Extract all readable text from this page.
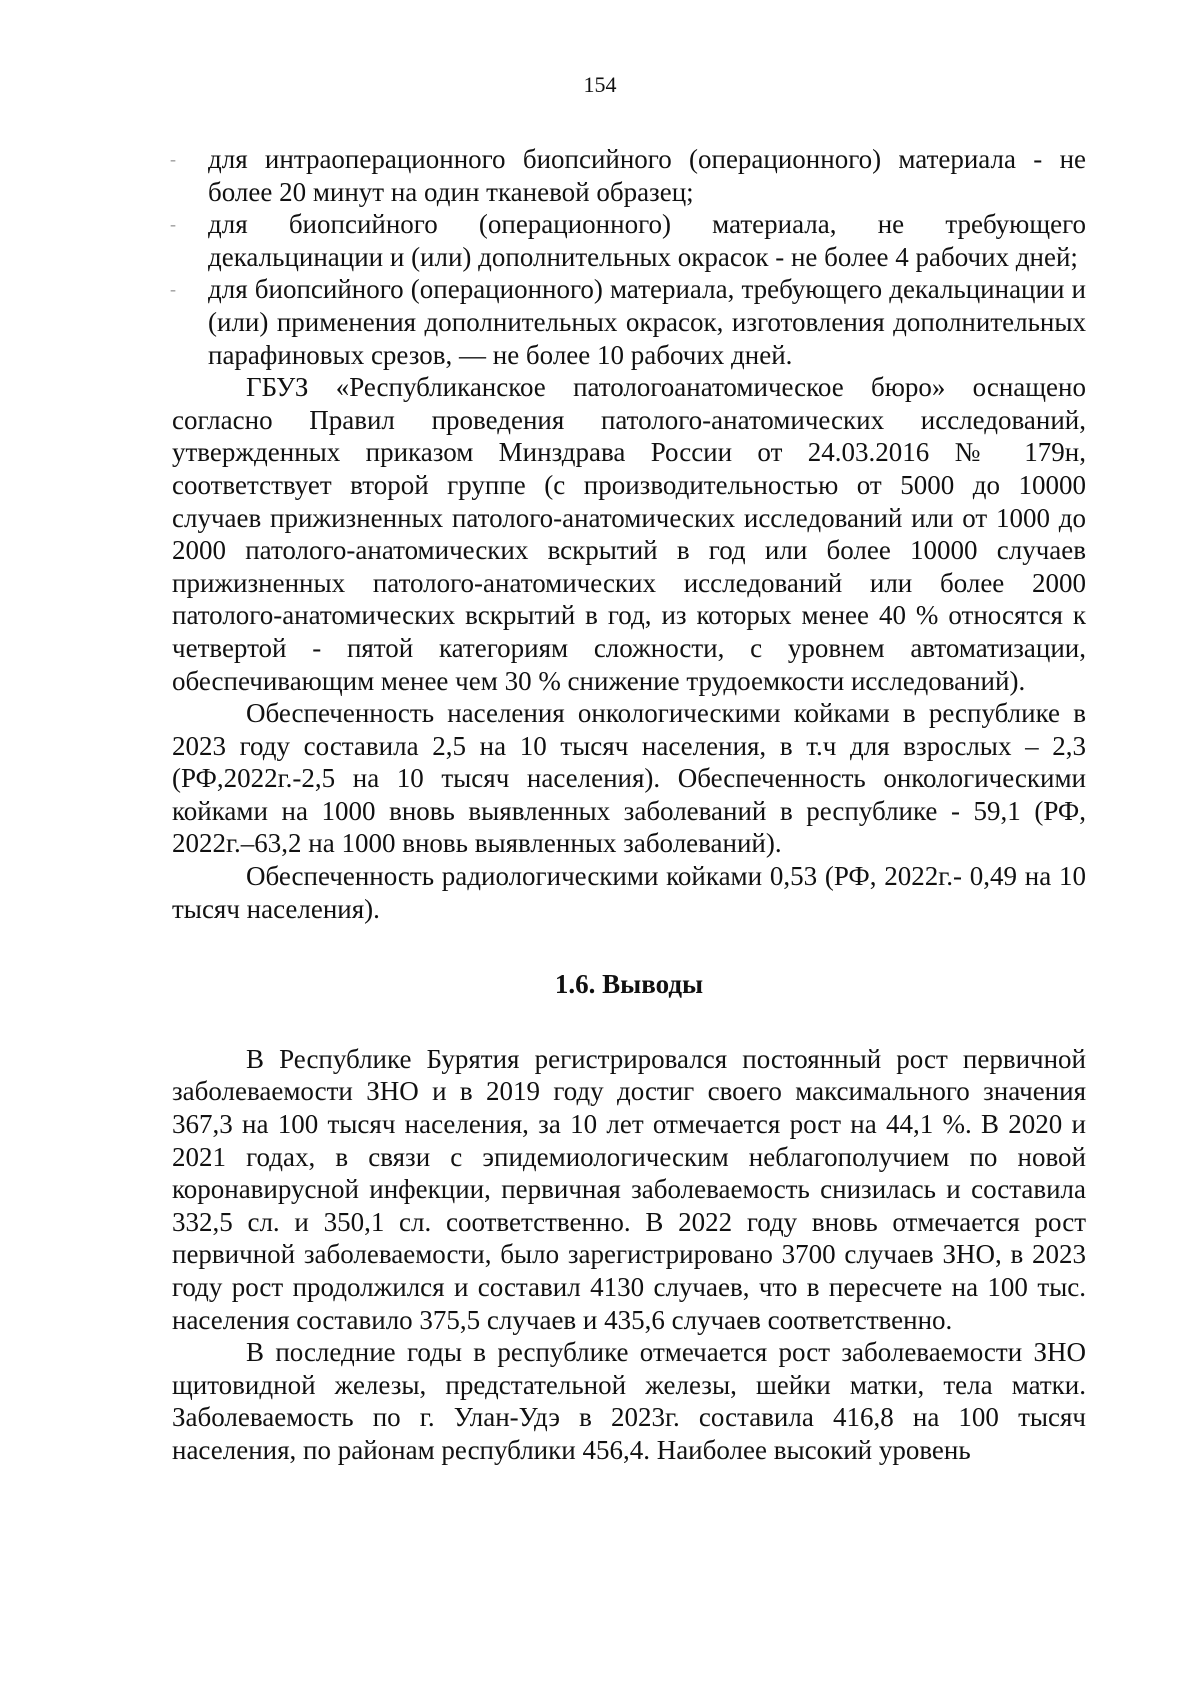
154
- для интраоперационного биопсийного (операционного) материала - не более 20 минут на один тканевой образец;
- для биопсийного (операционного) материала, не требующего декальцинации и (или) дополнительных окрасок - не более 4 рабочих дней;
- для биопсийного (операционного) материала, требующего декальцинации и (или) применения дополнительных окрасок, изготовления дополнительных парафиновых срезов, — не более 10 рабочих дней.

ГБУЗ «Республиканское патологоанатомическое бюро» оснащено согласно Правил проведения патолого-анатомических исследований, утвержденных приказом Минздрава России от 24.03.2016 № 179н, соответствует второй группе (с производительностью от 5000 до 10000 случаев прижизненных патолого-анатомических исследований или от 1000 до 2000 патолого-анатомических вскрытий в год или более 10000 случаев прижизненных патолого-анатомических исследований или более 2000 патолого-анатомических вскрытий в год, из которых менее 40 % относятся к четвертой - пятой категориям сложности, с уровнем автоматизации, обеспечивающим менее чем 30 % снижение трудоемкости исследований).

Обеспеченность населения онкологическими койками в республике в 2023 году составила 2,5 на 10 тысяч населения, в т.ч для взрослых – 2,3 (РФ,2022г.-2,5 на 10 тысяч населения). Обеспеченность онкологическими койками на 1000 вновь выявленных заболеваний в республике - 59,1 (РФ, 2022г.–63,2 на 1000 вновь выявленных заболеваний).

Обеспеченность радиологическими койками 0,53 (РФ, 2022г.- 0,49 на 10 тысяч населения).

1.6. Выводы

В Республике Бурятия регистрировался постоянный рост первичной заболеваемости ЗНО и в 2019 году достиг своего максимального значения 367,3 на 100 тысяч населения, за 10 лет отмечается рост на 44,1 %. В 2020 и 2021 годах, в связи с эпидемиологическим неблагополучием по новой коронавирусной инфекции, первичная заболеваемость снизилась и составила 332,5 сл. и 350,1 сл. соответственно. В 2022 году вновь отмечается рост первичной заболеваемости, было зарегистрировано 3700 случаев ЗНО, в 2023 году рост продолжился и составил 4130 случаев, что в пересчете на 100 тыс. населения составило 375,5 случаев и 435,6 случаев соответственно.

В последние годы в республике отмечается рост заболеваемости ЗНО щитовидной железы, предстательной железы, шейки матки, тела матки. Заболеваемость по г. Улан-Удэ в 2023г. составила 416,8 на 100 тысяч населения, по районам республики 456,4. Наиболее высокий уровень
